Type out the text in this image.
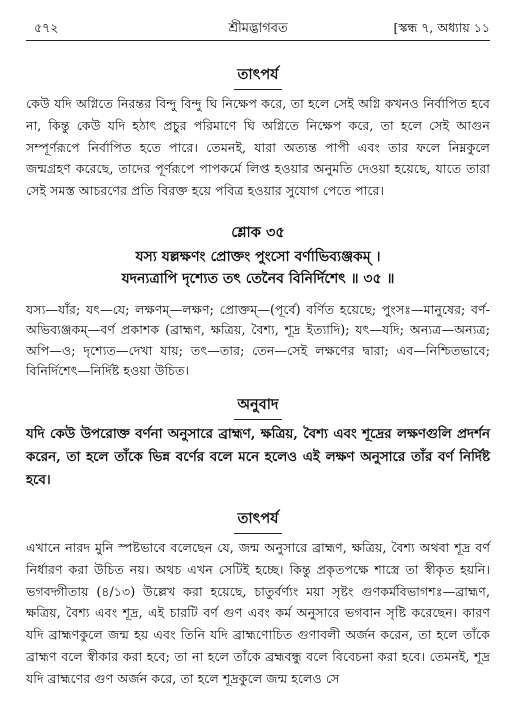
৫৭২	শ্রীমদ্ভাগবত	[স্কন্ধ ৭, অধ্যায় ১১
তাৎপর্য

কেউ যদি অগ্নিতে নিরন্তর বিন্দু বিন্দু ঘি নিক্ষেপ করে, তা হলে সেই অগ্নি কখনও নির্বাপিত হবে না, কিন্তু কেউ যদি হঠাৎ প্রচুর পরিমাণে ঘি অগ্নিতে নিক্ষেপ করে, তা হলে সেই আগুন সম্পূর্ণরূপে নির্বাপিত হতে পারে। তেমনই, যারা অত্যন্ত পাপী এবং তার ফলে নিম্নকুলে জন্মগ্রহণ করেছে, তাদের পূর্ণরূপে পাপকর্মে লিপ্ত হওয়ার অনুমতি দেওয়া হয়েছে, যাতে তারা সেই সমস্ত আচরণের প্রতি বিরক্ত হয়ে পবিত্র হওয়ার সুযোগ পেতে পারে।

শ্লোক ৩৫

যস্য যল্লক্ষণং প্রোক্তং পুংসো বর্ণাভিব্যঞ্জকম্ ।

যদন্যত্রাপি দৃশ্যেত তৎ তেনৈব বিনির্দিশেৎ ॥ ৩৫ ॥

যস্য—যাঁর; যৎ—যে; লক্ষণম্—লক্ষণ; প্রোক্তম্—(পূর্বে) বর্ণিত হয়েছে; পুংসঃ—মানুষের; বর্ণ-অভিব্যঞ্জকম্—বর্ণ প্রকাশক (ব্রাহ্মণ, ক্ষত্রিয়, বৈশ্য, শূদ্র ইত্যাদি); যৎ—যদি; অন্যত্র—অন্যত্র; অপি—ও; দৃশ্যেত—দেখা যায়; তৎ—তার; তেন—সেই লক্ষণের দ্বারা; এব—নিশ্চিতভাবে; বিনির্দিশেৎ—নির্দিষ্ট হওয়া উচিত।

অনুবাদ

যদি কেউ উপরোক্ত বর্ণনা অনুসারে ব্রাহ্মণ, ক্ষত্রিয়, বৈশ্য এবং শূদ্রের লক্ষণগুলি প্রদর্শন করেন, তা হলে তাঁকে ভিন্ন বর্ণের বলে মনে হলেও এই লক্ষণ অনুসারে তাঁর বর্ণ নির্দিষ্ট হবে।

তাৎপর্য

এখানে নারদ মুনি স্পষ্টভাবে বলেছেন যে, জন্ম অনুসারে ব্রাহ্মণ, ক্ষত্রিয়, বৈশ্য অথবা শূদ্র বর্ণ নির্ধারণ করা উচিত নয়। অথচ এখন সেটিই হচ্ছে। কিন্তু প্রকৃতপক্ষে শাস্ত্রে তা স্বীকৃত হয়নি। ভগবদ্গীতায় (৪/১৩) উল্লেখ করা হয়েছে, চাতুর্বর্ণ্যং ময়া সৃষ্টং গুণকর্মবিভাগশঃ—ব্রাহ্মণ, ক্ষত্রিয়, বৈশ্য এবং শূদ্র, এই চারটি বর্ণ গুণ এবং কর্ম অনুসারে ভগবান সৃষ্টি করেছেন। কারণ যদি ব্রাহ্মণকুলে জন্ম হয় এবং তিনি যদি ব্রাহ্মণোচিত গুণাবলী অর্জন করেন, তা হলে তাঁকে ব্রাহ্মণ বলে স্বীকার করা হবে; তা না হলে তাঁকে ব্রহ্মবন্ধু বলে বিবেচনা করা হবে। তেমনই, শূদ্র যদি ব্রাহ্মণের গুণ অর্জন করে, তা হলে শূদ্রকুলে জন্ম হলেও সে
